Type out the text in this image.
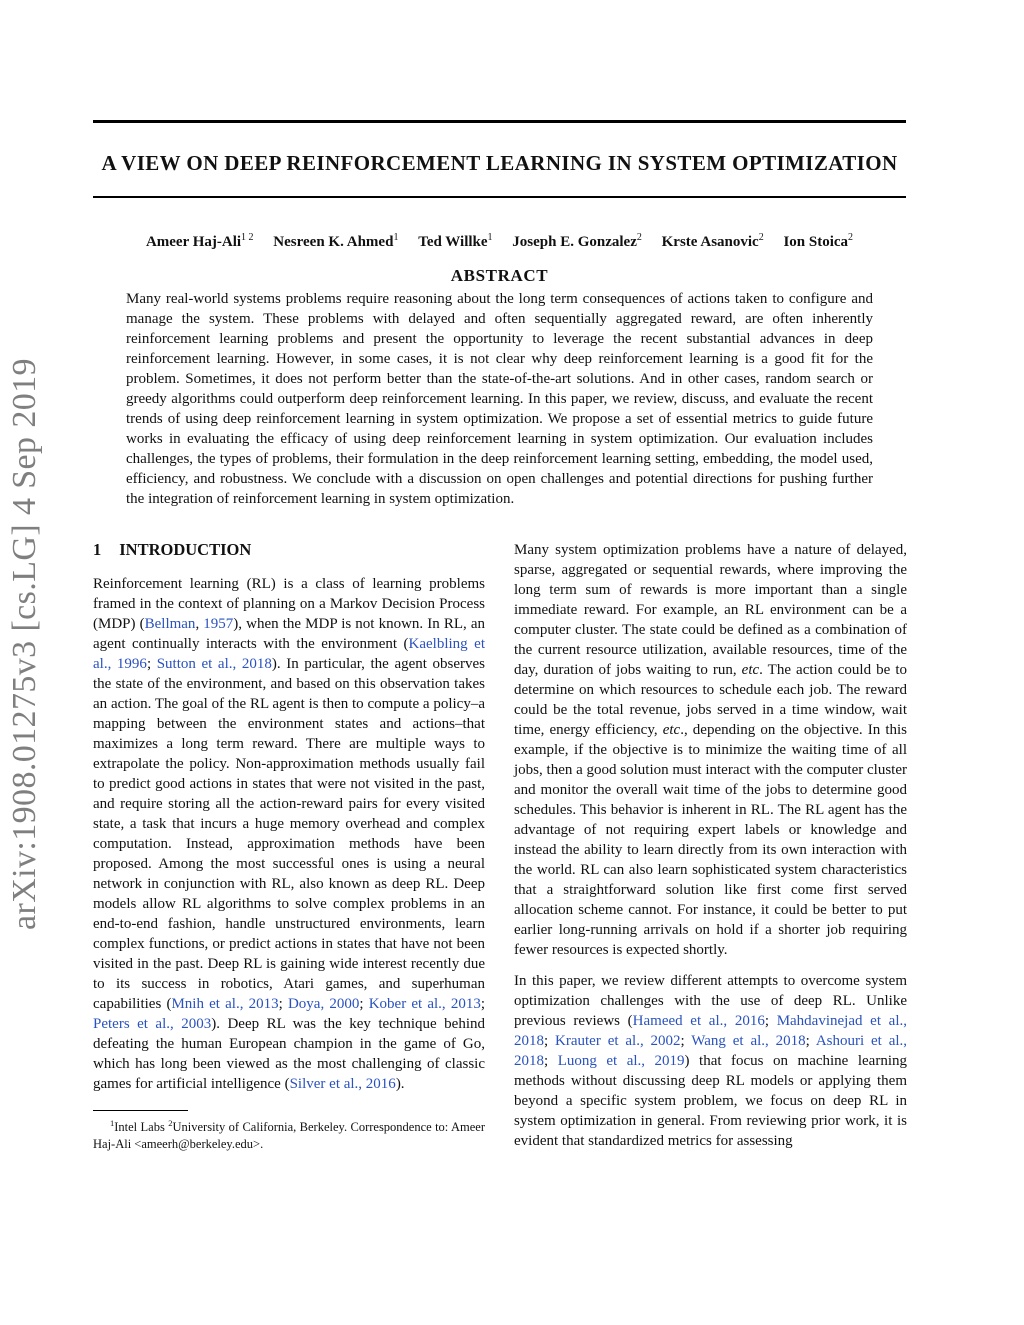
A VIEW ON DEEP REINFORCEMENT LEARNING IN SYSTEM OPTIMIZATION
Ameer Haj-Ali$^{1 2}$ Nesreen K. Ahmed$^1$ Ted Willke$^1$ Joseph E. Gonzalez$^2$ Krste Asanovic$^2$ Ion Stoica$^2$
ABSTRACT

Many real-world systems problems require reasoning about the long term consequences of actions taken to configure and manage the system. These problems with delayed and often sequentially aggregated reward, are often inherently reinforcement learning problems and present the opportunity to leverage the recent substantial advances in deep reinforcement learning. However, in some cases, it is not clear why deep reinforcement learning is a good fit for the problem. Sometimes, it does not perform better than the state-of-the-art solutions. And in other cases, random search or greedy algorithms could outperform deep reinforcement learning. In this paper, we review, discuss, and evaluate the recent trends of using deep reinforcement learning in system optimization. We propose a set of essential metrics to guide future works in evaluating the efficacy of using deep reinforcement learning in system optimization. Our evaluation includes challenges, the types of problems, their formulation in the deep reinforcement learning setting, embedding, the model used, efficiency, and robustness. We conclude with a discussion on open challenges and potential directions for pushing further the integration of reinforcement learning in system optimization.

arXiv:1908.01275v3 [cs.LG] 4 Sep 2019	1 INTRODUCTION

Reinforcement learning (RL) is a class of learning problems framed in the context of planning on a Markov Decision Process (MDP) (Bellman, 1957), when the MDP is not known. In RL, an agent continually interacts with the environment (Kaelbling et al., 1996; Sutton et al., 2018). In particular, the agent observes the state of the environment, and based on this observation takes an action. The goal of the RL agent is then to compute a policy–a mapping between the environment states and actions–that maximizes a long term reward. There are multiple ways to extrapolate the policy. Non-approximation methods usually fail to predict good actions in states that were not visited in the past, and require storing all the action-reward pairs for every visited state, a task that incurs a huge memory overhead and complex computation. Instead, approximation methods have been proposed. Among the most successful ones is using a neural network in conjunction with RL, also known as deep RL. Deep models allow RL algorithms to solve complex problems in an end-to-end fashion, handle unstructured environments, learn complex functions, or predict actions in states that have not been visited in the past. Deep RL is gaining wide interest recently due to its success in robotics, Atari games, and superhuman capabilities (Mnih et al., 2013; Doya, 2000; Kober et al., 2013; Peters et al., 2003). Deep RL was the key technique behind defeating the human European champion in the game of Go, which has long been viewed as the most challenging of classic games for artificial intelligence (Silver et al., 2016).

$^1$Intel Labs $^2$University of California, Berkeley. Correspondence to: Ameer Haj-Ali <ameerh@berkeley.edu>.

Many system optimization problems have a nature of delayed, sparse, aggregated or sequential rewards, where improving the long term sum of rewards is more important than a single immediate reward. For example, an RL environment can be a computer cluster. The state could be defined as a combination of the current resource utilization, available resources, time of the day, duration of jobs waiting to run, etc. The action could be to determine on which resources to schedule each job. The reward could be the total revenue, jobs served in a time window, wait time, energy efficiency, etc., depending on the objective. In this example, if the objective is to minimize the waiting time of all jobs, then a good solution must interact with the computer cluster and monitor the overall wait time of the jobs to determine good schedules. This behavior is inherent in RL. The RL agent has the advantage of not requiring expert labels or knowledge and instead the ability to learn directly from its own interaction with the world. RL can also learn sophisticated system characteristics that a straightforward solution like first come first served allocation scheme cannot. For instance, it could be better to put earlier long-running arrivals on hold if a shorter job requiring fewer resources is expected shortly.

In this paper, we review different attempts to overcome system optimization challenges with the use of deep RL. Unlike previous reviews (Hameed et al., 2016; Mahdavinejad et al., 2018; Krauter et al., 2002; Wang et al., 2018; Ashouri et al., 2018; Luong et al., 2019) that focus on machine learning methods without discussing deep RL models or applying them beyond a specific system problem, we focus on deep RL in system optimization in general. From reviewing prior work, it is evident that standardized metrics for assessing
